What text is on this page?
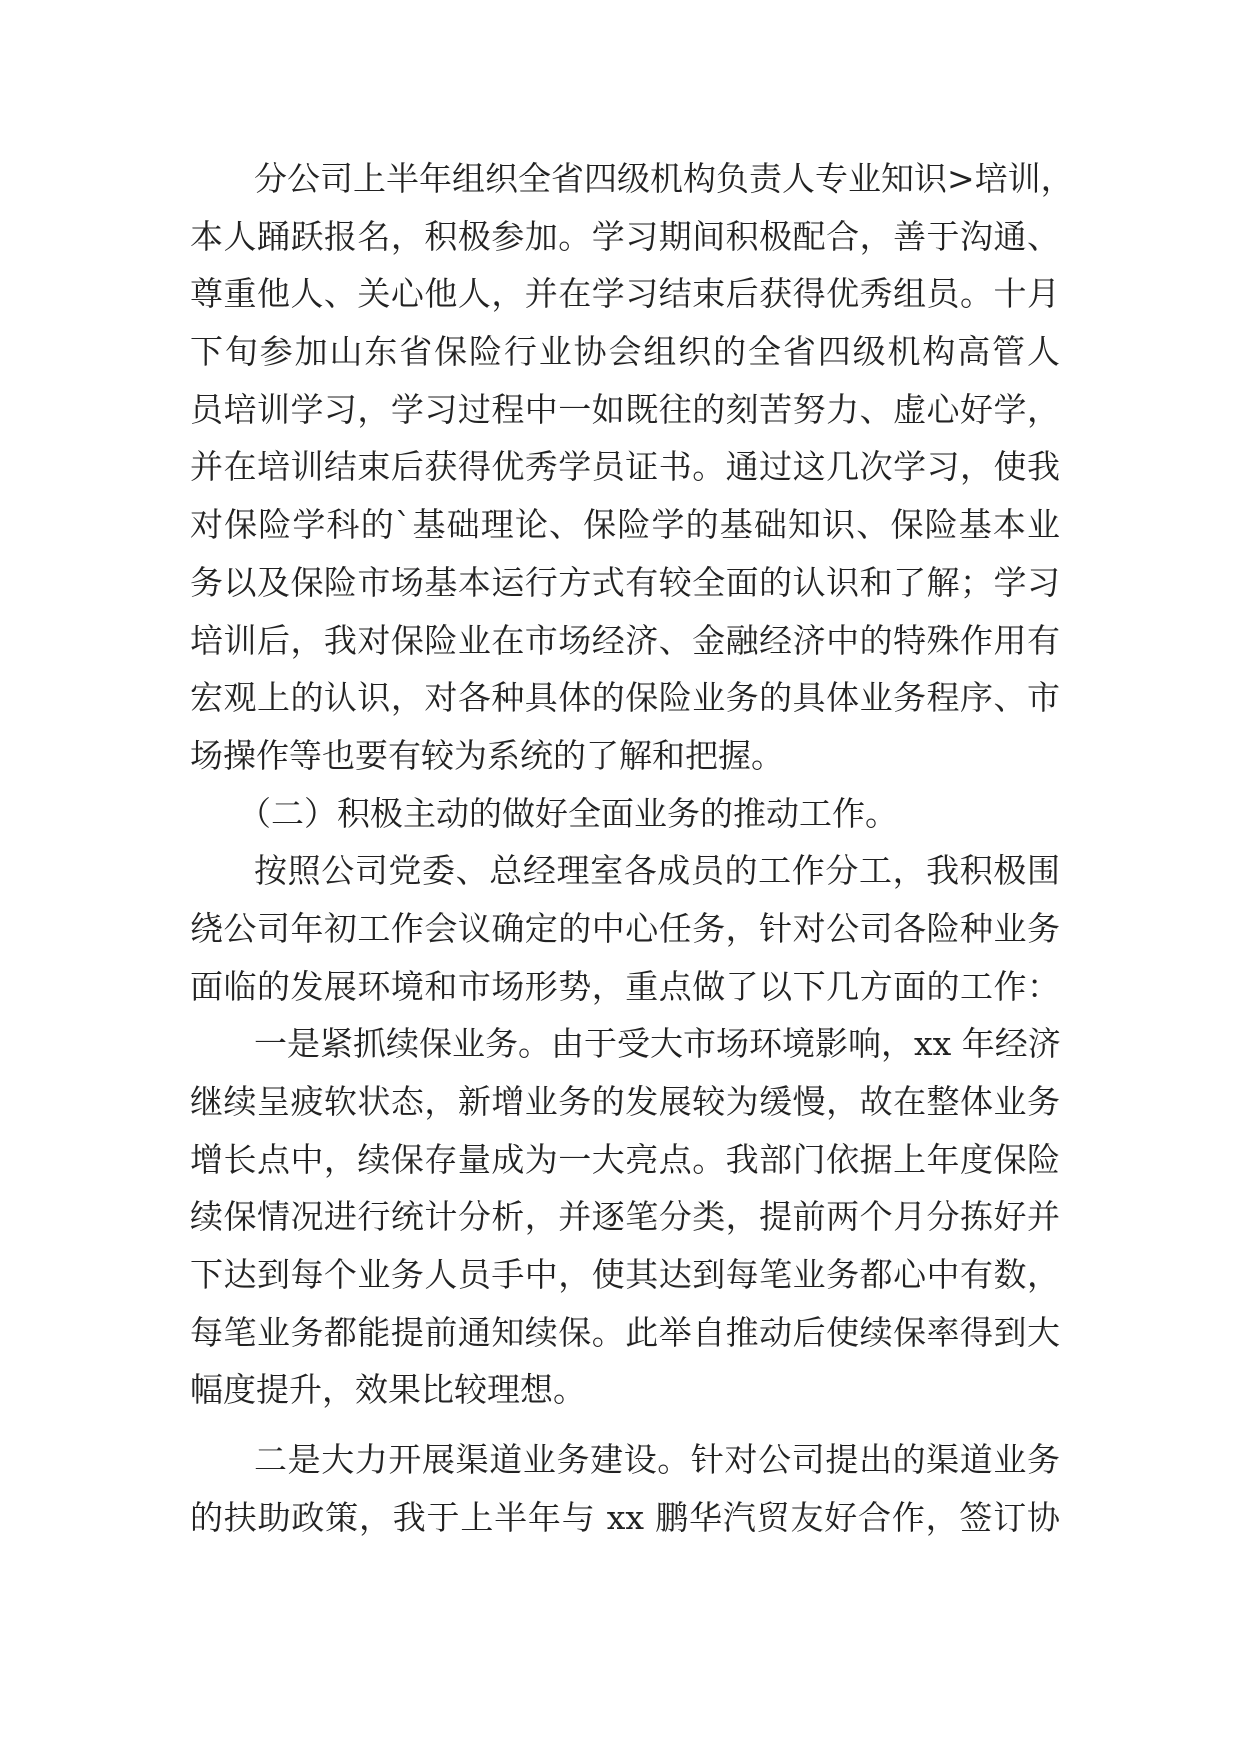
分公司上半年组织全省四级机构负责人专业知识>培训，
本人踊跃报名，积极参加。学习期间积极配合，善于沟通、
尊重他人、关心他人，并在学习结束后获得优秀组员。十月
下旬参加山东省保险行业协会组织的全省四级机构高管人
员培训学习，学习过程中一如既往的刻苦努力、虚心好学，
并在培训结束后获得优秀学员证书。通过这几次学习，使我
对保险学科的`基础理论、保险学的基础知识、保险基本业
务以及保险市场基本运行方式有较全面的认识和了解；学习
培训后，我对保险业在市场经济、金融经济中的特殊作用有
宏观上的认识，对各种具体的保险业务的具体业务程序、市
场操作等也要有较为系统的了解和把握。
（二）积极主动的做好全面业务的推动工作。
按照公司党委、总经理室各成员的工作分工，我积极围
绕公司年初工作会议确定的中心任务，针对公司各险种业务
面临的发展环境和市场形势，重点做了以下几方面的工作：
一是紧抓续保业务。由于受大市场环境影响，xx 年经济
继续呈疲软状态，新增业务的发展较为缓慢，故在整体业务
增长点中，续保存量成为一大亮点。我部门依据上年度保险
续保情况进行统计分析，并逐笔分类，提前两个月分拣好并
下达到每个业务人员手中，使其达到每笔业务都心中有数，
每笔业务都能提前通知续保。此举自推动后使续保率得到大
幅度提升，效果比较理想。
二是大力开展渠道业务建设。针对公司提出的渠道业务
的扶助政策，我于上半年与 xx 鹏华汽贸友好合作，签订协
